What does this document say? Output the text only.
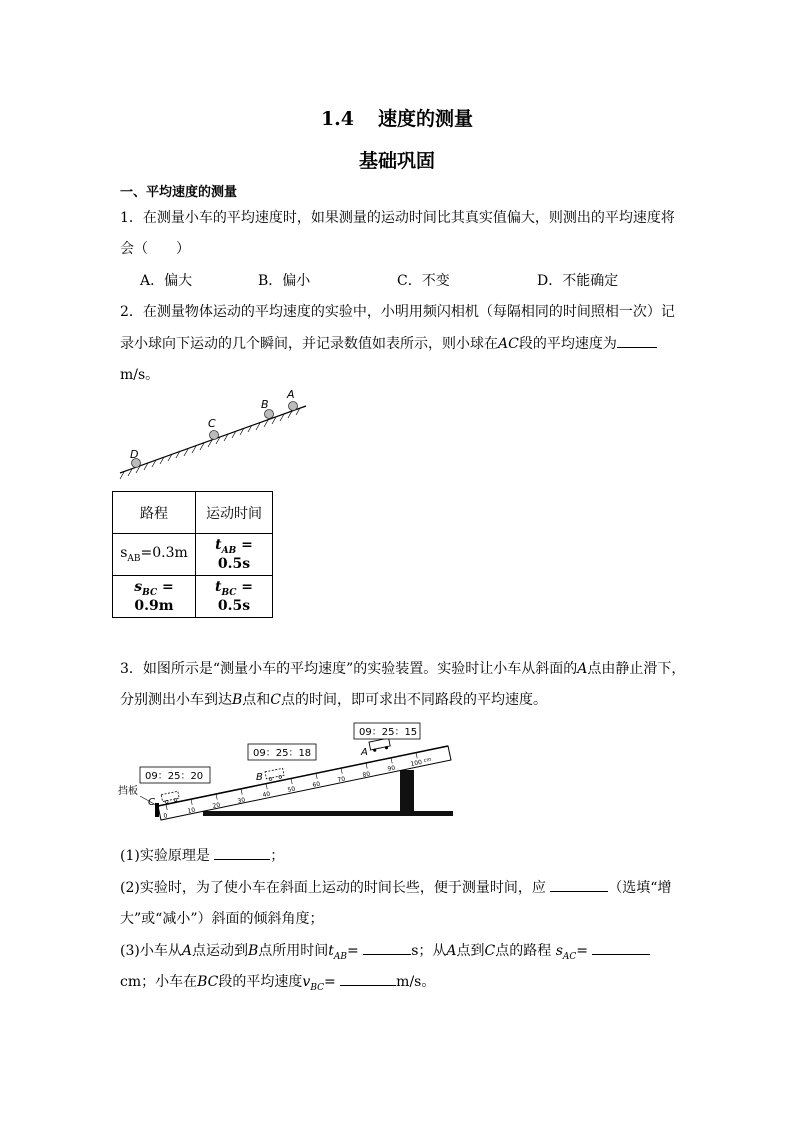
1.4 速度的测量
基础巩固
一、平均速度的测量
1．在测量小车的平均速度时，如果测量的运动时间比其真实值偏大，则测出的平均速度将
会（　　）
A．偏大	B．偏小	C．不变	D．不能确定
2．在测量物体运动的平均速度的实验中，小明用频闪相机（每隔相同的时间照相一次）记
录小球向下运动的几个瞬间，并记录数值如表所示，则小球在AC段的平均速度为
m/s。
A
B
C
D
路程	运动时间
$s_{AB}=0.3m$	$t_{AB} = 0.5s$
$s_{BC} = 0.9m$	$t_{BC} = 0.5s$
3．如图所示是“测量小车的平均速度”的实验装置。实验时让小车从斜面的A点由静止滑下，
分别测出小车到达B点和C点的时间，即可求出不同路段的平均速度。
0
10
20
30
40
50
60
70
80
90
100 cm
挡板
A
B
C
09：25：15
09：25：18
09：25：20
(1)实验原理是	；
(2)实验时，为了使小车在斜面上运动的时间长些，便于测量时间，应	（选填“增
大”或“减小”）斜面的倾斜角度；
(3)小车从A点运动到B点所用时间$t_{AB}=$	s；从A点到C点的路程 $s_{AC}=$
cm；小车在BC段的平均速度$v_{BC}=$	m/s。
